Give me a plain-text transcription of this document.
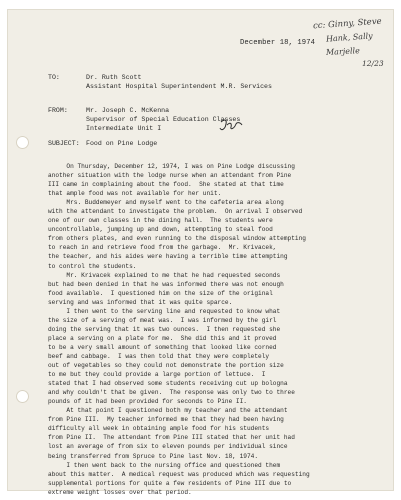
cc: Ginny, Steve
Hank, Sally
Marjelle
12/23
December 18, 1974
TO:	Dr. Ruth Scott
Assistant Hospital Superintendent M.R. Services
FROM:	Mr. Joseph C. McKenna
Supervisor of Special Education Classes
Intermediate Unit I
SUBJECT: Food on Pine Lodge
On Thursday, December 12, 1974, I was on Pine Lodge discussing
another situation with the lodge nurse when an attendant from Pine
III came in complaining about the food.  She stated at that time
that ample food was not available for her unit.
Mrs. Buddemeyer and myself went to the cafeteria area along
with the attendant to investigate the problem.  On arrival I observed
one of our own classes in the dining hall.  The students were
uncontrollable, jumping up and down, attempting to steal food
from others plates, and even running to the disposal window attempting
to reach in and retrieve food from the garbage.  Mr. Krivacek,
the teacher, and his aides were having a terrible time attempting
to control the students.
Mr. Krivacek explained to me that he had requested seconds
but had been denied in that he was informed there was not enough
food available.  I questioned him on the size of the original
serving and was informed that it was quite sparce.
I then went to the serving line and requested to know what
the size of a serving of meat was.  I was informed by the girl
doing the serving that it was two ounces.  I then requested she
place a serving on a plate for me.  She did this and it proved
to be a very small amount of something that looked like corned
beef and cabbage.  I was then told that they were completely
out of vegetables so they could not demonstrate the portion size
to me but they could provide a large portion of lettuce.  I
stated that I had observed some students receiving cut up bologna
and why couldn't that be given.  The response was only two to three
pounds of it had been provided for seconds to Pine II.
At that point I questioned both my teacher and the attendant
from Pine III.  My teacher informed me that they had been having
difficulty all week in obtaining ample food for his students
from Pine II.  The attendant from Pine III stated that her unit had
lost an average of from six to eleven pounds per individual since
being transferred from Spruce to Pine last Nov. 18, 1974.
I then went back to the nursing office and questioned them
about this matter.  A medical request was produced which was requesting
supplemental portions for quite a few residents of Pine III due to
extreme weight losses over that period.
